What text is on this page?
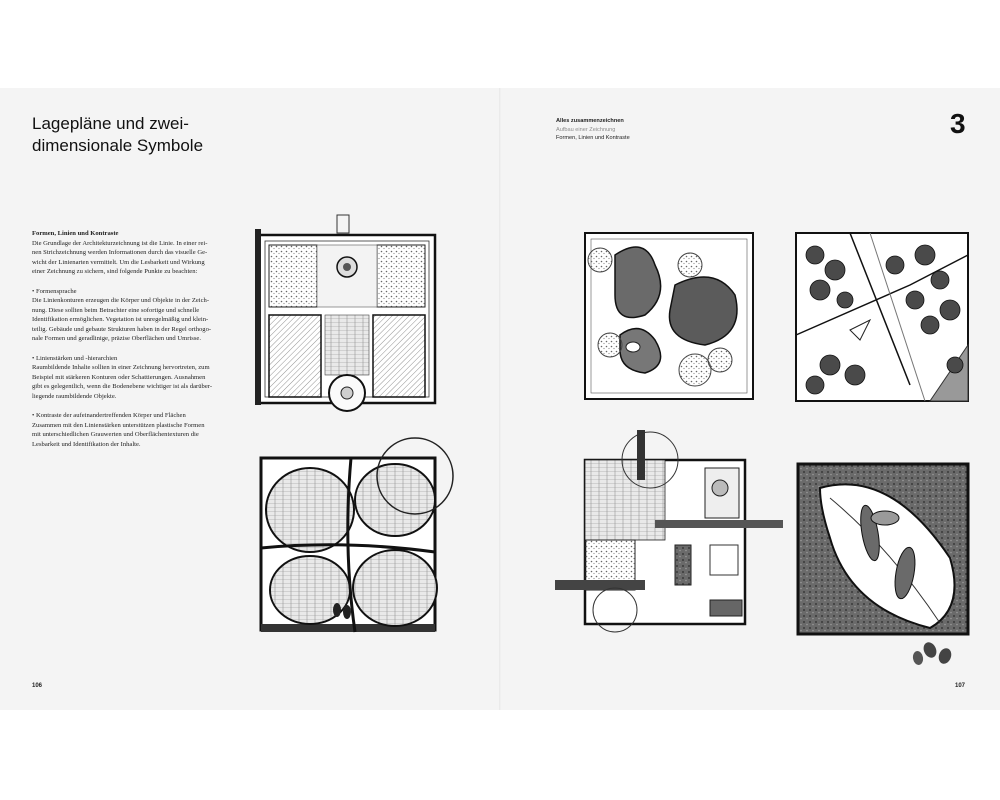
Lagepläne und zwei-
dimensionale Symbole

Formen, Linien und Kontraste
Die Grundlage der Architekturzeichnung ist die Linie. In einer rei-
nen Strichzeichnung werden Informationen durch das visuelle Ge-
wicht der Linienarten vermittelt. Um die Lesbarkeit und Wirkung
einer Zeichnung zu sichern, sind folgende Punkte zu beachten:

• Formensprache
Die Linienkonturen erzeugen die Körper und Objekte in der Zeich-
nung. Diese sollten beim Betrachter eine sofortige und schnelle
Identifikation ermöglichen. Vegetation ist unregelmäßig und klein-
teilig. Gebäude und gebaute Strukturen haben in der Regel orthogo-
nale Formen und geradlinige, präzise Oberflächen und Umrisse.

• Linienstärken und -hierarchien
Raumbildende Inhalte sollten in einer Zeichnung hervortreten, zum
Beispiel mit stärkeren Konturen oder Schattierungen. Ausnahmen
gibt es gelegentlich, wenn die Bodenebene wichtiger ist als darüber-
liegende raumbildende Objekte.

• Kontraste der aufeinandertreffenden Körper und Flächen
Zusammen mit den Linienstärken unterstützen plastische Formen
mit unterschiedlichen Grauwerten und Oberflächentexturen die
Lesbarkeit und Identifikation der Inhalte.

Alles zusammenzeichnen
Aufbau einer Zeichnung
Formen, Linien und Kontraste	3
106	107
